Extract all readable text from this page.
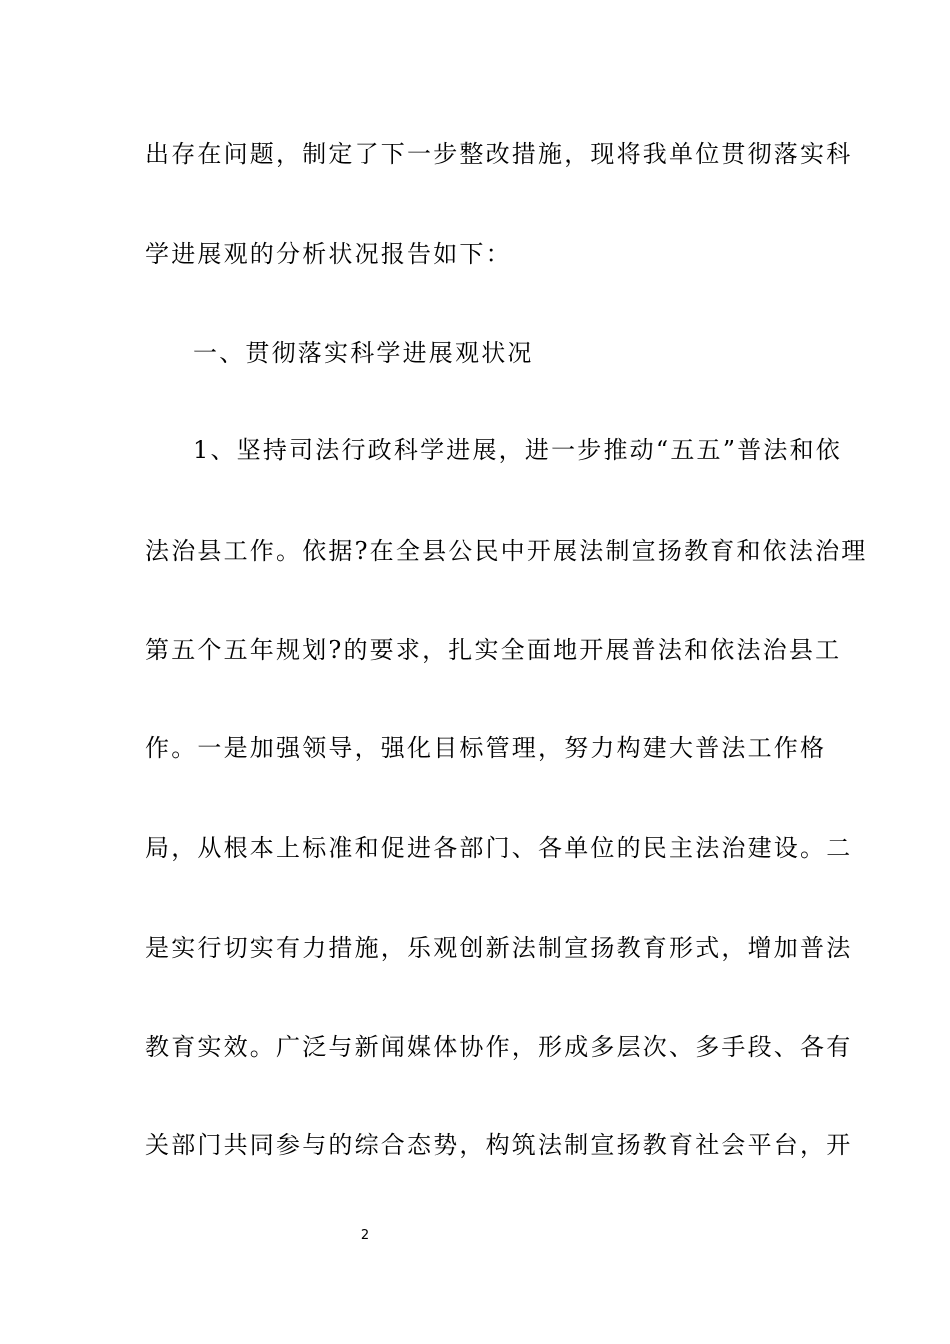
出存在问题，制定了下一步整改措施，现将我单位贯彻落实科
学进展观的分析状况报告如下：
一、贯彻落实科学进展观状况
1、坚持司法行政科学进展，进一步推动“五五”普法和依
法治县工作。依据?在全县公民中开展法制宣扬教育和依法治理
第五个五年规划?的要求，扎实全面地开展普法和依法治县工
作。一是加强领导，强化目标管理，努力构建大普法工作格
局，从根本上标准和促进各部门、各单位的民主法治建设。二
是实行切实有力措施，乐观创新法制宣扬教育形式，增加普法
教育实效。广泛与新闻媒体协作，形成多层次、多手段、各有
关部门共同参与的综合态势，构筑法制宣扬教育社会平台，开
2
